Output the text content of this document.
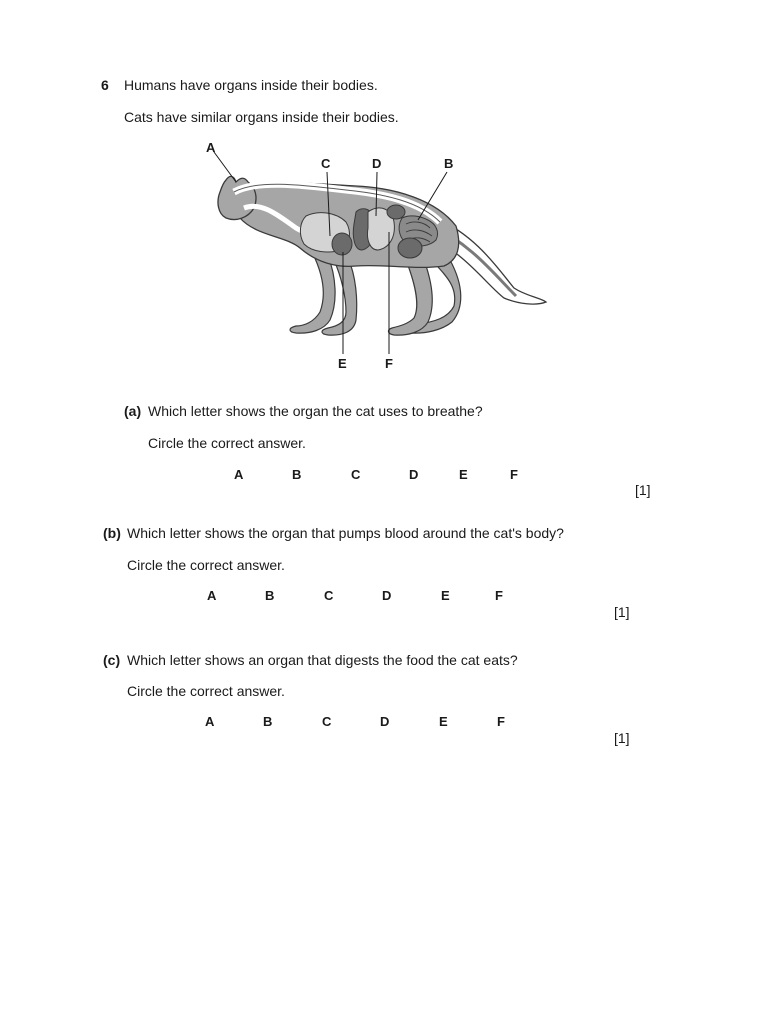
6 Humans have organs inside their bodies.
Cats have similar organs inside their bodies.
A
C	D	B
E	F
(a) Which letter shows the organ the cat uses to breathe?
Circle the correct answer.
A	B	C	D	E	F
[1]
(b) Which letter shows the organ that pumps blood around the cat's body?
Circle the correct answer.
A	B	C	D	E	F
[1]
(c) Which letter shows an organ that digests the food the cat eats?
Circle the correct answer.
A	B	C	D	E	F
[1]
